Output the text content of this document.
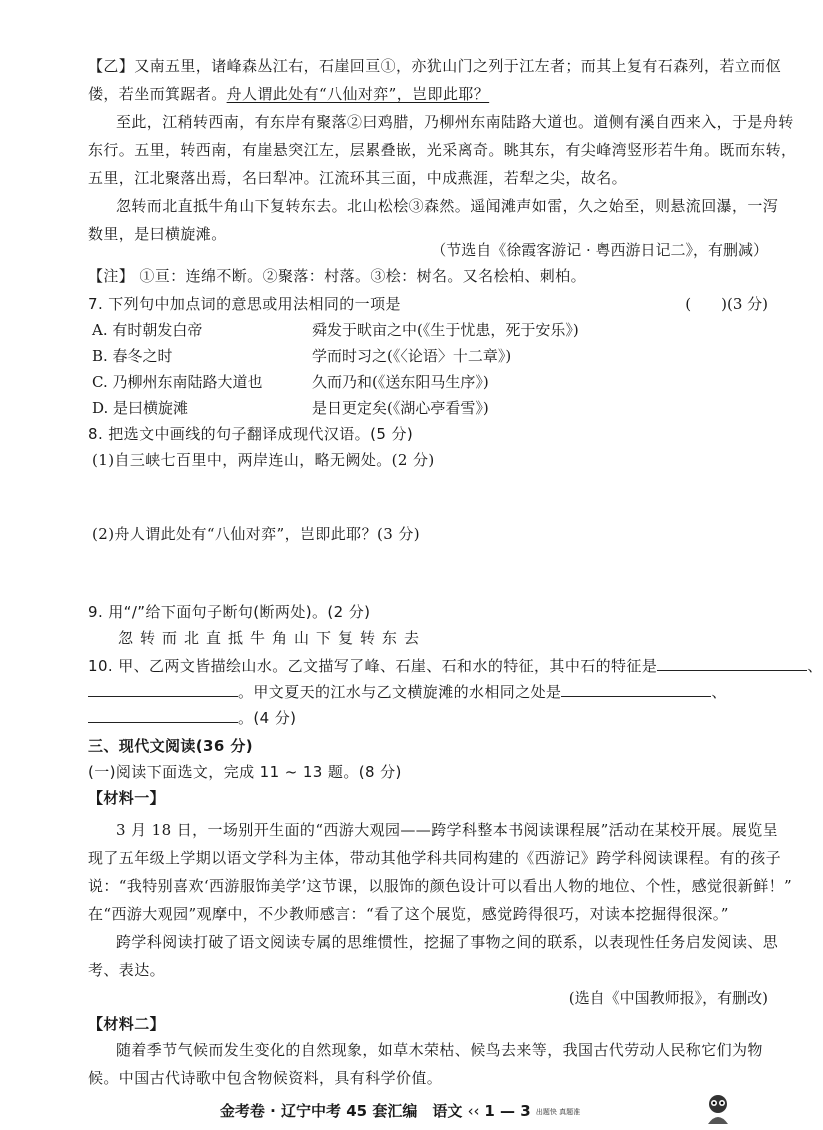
【乙】又南五里，诸峰森丛江右，石崖回亘①，亦犹山门之列于江左者；而其上复有石森列，若立而伛
偻，若坐而箕踞者。舟人谓此处有“八仙对弈”，岂即此耶？
至此，江稍转西南，有东岸有聚落②曰鸡腊，乃柳州东南陆路大道也。道侧有溪自西来入，于是舟转
东行。五里，转西南，有崖悬突江左，层累叠嵌，光采离奇。眺其东，有尖峰湾竖形若牛角。既而东转，
五里，江北聚落出焉，名曰犁冲。江流环其三面，中成燕涯，若犁之尖，故名。
忽转而北直抵牛角山下复转东去。北山松桧③森然。遥闻滩声如雷，久之始至，则悬流回瀑，一泻
数里，是曰横旋滩。
（节选自《徐霞客游记 · 粤西游日记二》，有删减）
【注】 ①亘：连绵不断。②聚落：村落。③桧：树名。又名桧柏、刺柏。
7. 下列句中加点词的意思或用法相同的一项是	(　　)(3 分)
A. 有时朝发白帝	舜发于畎亩之中(《生于忧患，死于安乐》)
B. 春冬之时	学而时习之(《〈论语〉十二章》)
C. 乃柳州东南陆路大道也	久而乃和(《送东阳马生序》)
D. 是曰横旋滩	是日更定矣(《湖心亭看雪》)
8. 把选文中画线的句子翻译成现代汉语。(5 分)
(1)自三峡七百里中，两岸连山，略无阙处。(2 分)
(2)舟人谓此处有“八仙对弈”，岂即此耶？(3 分)
9. 用“/”给下面句子断句(断两处)。(2 分)
忽转而北直抵牛角山下复转东去
10. 甲、乙两文皆描绘山水。乙文描写了峰、石崖、石和水的特征，其中石的特征是	、
。甲文夏天的江水与乙文横旋滩的水相同之处是	、
。(4 分)
三、现代文阅读(36 分)
(一)阅读下面选文，完成 11 ~ 13 题。(8 分)
【材料一】
3 月 18 日，一场别开生面的“西游大观园——跨学科整本书阅读课程展”活动在某校开展。展览呈
现了五年级上学期以语文学科为主体，带动其他学科共同构建的《西游记》跨学科阅读课程。有的孩子
说：“我特别喜欢‘西游服饰美学’这节课，以服饰的颜色设计可以看出人物的地位、个性，感觉很新鲜！”
在“西游大观园”观摩中，不少教师感言：“看了这个展览，感觉跨得很巧，对读本挖掘得很深。”
跨学科阅读打破了语文阅读专属的思维惯性，挖掘了事物之间的联系，以表现性任务启发阅读、思
考、表达。
(选自《中国教师报》，有删改)
【材料二】
随着季节气候而发生变化的自然现象，如草木荣枯、候鸟去来等，我国古代劳动人民称它们为物
候。中国古代诗歌中包含物候资料，具有科学价值。
金考卷 · 辽宁中考 45 套汇编　语文 ‹‹ 1 — 3 出题快 真题准
